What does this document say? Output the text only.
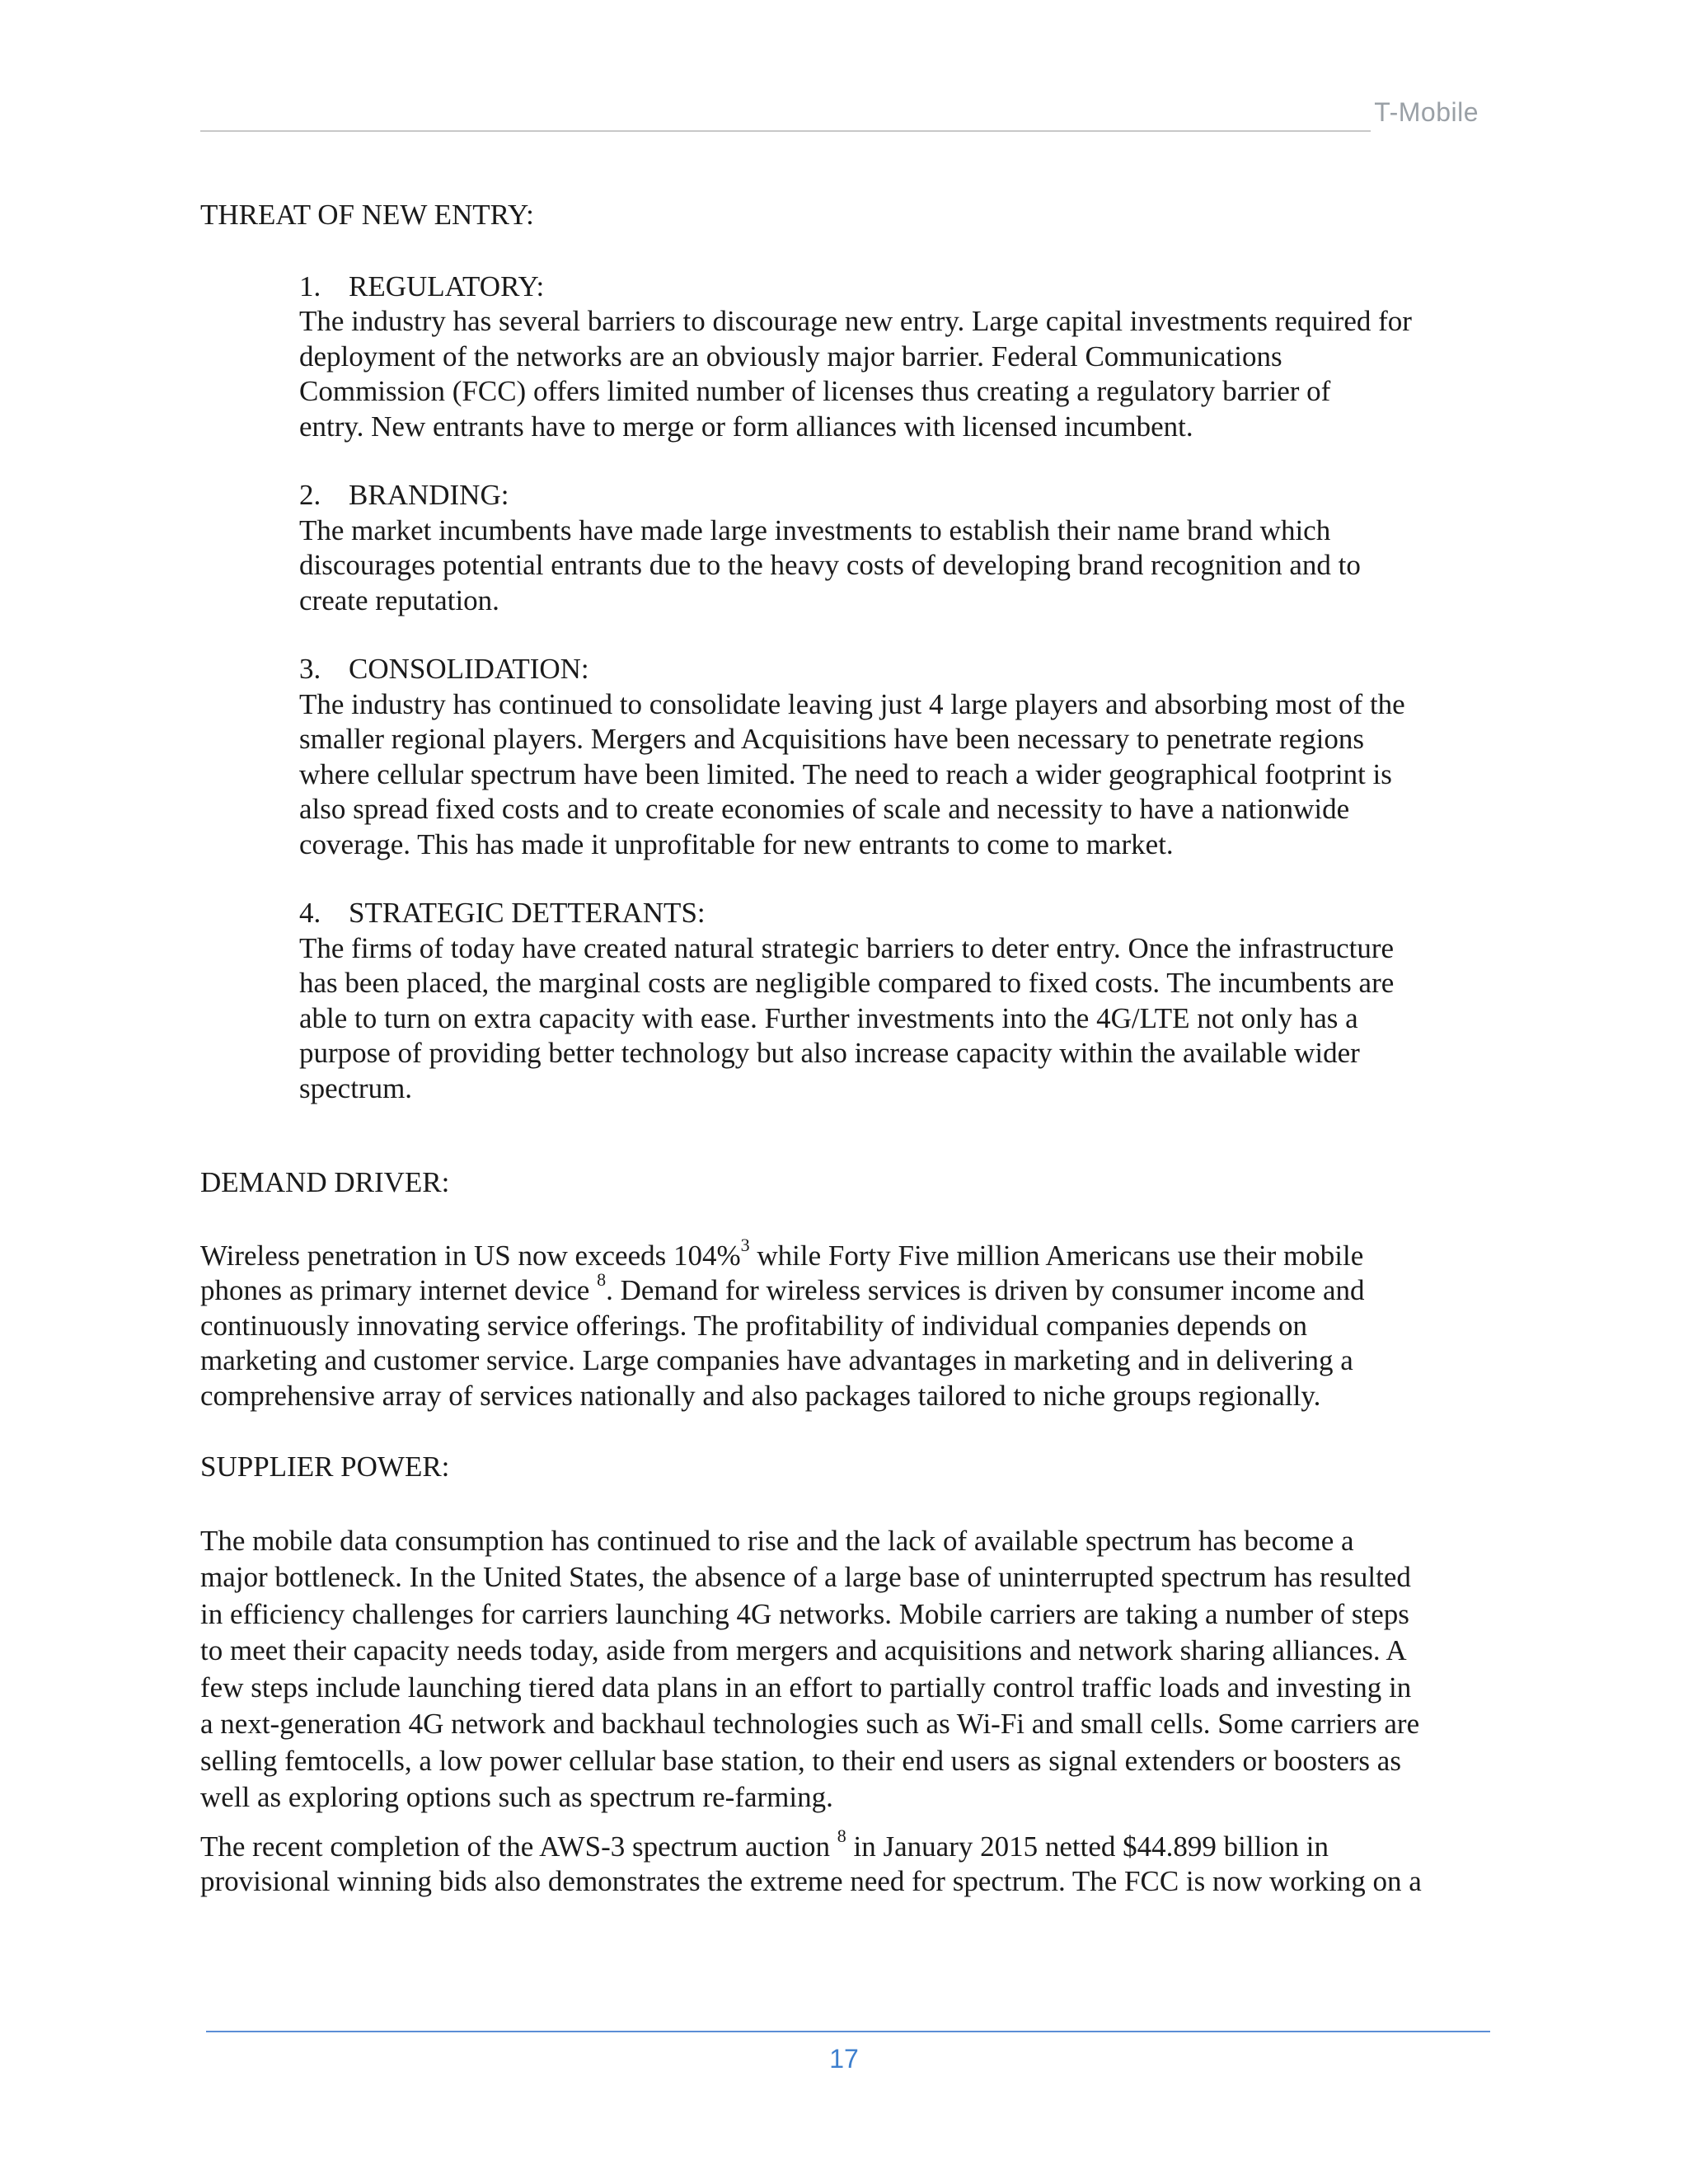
T-Mobile
THREAT OF NEW ENTRY:
1. REGULATORY:
The industry has several barriers to discourage new entry. Large capital investments required for
deployment of the networks are an obviously major barrier. Federal Communications
Commission (FCC) offers limited number of licenses thus creating a regulatory barrier of
entry. New entrants have to merge or form alliances with licensed incumbent.
2. BRANDING:
The market incumbents have made large investments to establish their name brand which
discourages potential entrants due to the heavy costs of developing brand recognition and to
create reputation.
3. CONSOLIDATION:
The industry has continued to consolidate leaving just 4 large players and absorbing most of the
smaller regional players. Mergers and Acquisitions have been necessary to penetrate regions
where cellular spectrum have been limited. The need to reach a wider geographical footprint is
also spread fixed costs and to create economies of scale and necessity to have a nationwide
coverage. This has made it unprofitable for new entrants to come to market.
4. STRATEGIC DETTERANTS:
The firms of today have created natural strategic barriers to deter entry. Once the infrastructure
has been placed, the marginal costs are negligible compared to fixed costs. The incumbents are
able to turn on extra capacity with ease. Further investments into the 4G/LTE not only has a
purpose of providing better technology but also increase capacity within the available wider
spectrum.
DEMAND DRIVER:
Wireless penetration in US now exceeds 104%$^3$ while Forty Five million Americans use their mobile
phones as primary internet device $^8$. Demand for wireless services is driven by consumer income and
continuously innovating service offerings. The profitability of individual companies depends on
marketing and customer service. Large companies have advantages in marketing and in delivering a
comprehensive array of services nationally and also packages tailored to niche groups regionally.
SUPPLIER POWER:
The mobile data consumption has continued to rise and the lack of available spectrum has become a
major bottleneck. In the United States, the absence of a large base of uninterrupted spectrum has resulted
in efficiency challenges for carriers launching 4G networks. Mobile carriers are taking a number of steps
to meet their capacity needs today, aside from mergers and acquisitions and network sharing alliances. A
few steps include launching tiered data plans in an effort to partially control traffic loads and investing in
a next-generation 4G network and backhaul technologies such as Wi-Fi and small cells. Some carriers are
selling femtocells, a low power cellular base station, to their end users as signal extenders or boosters as
well as exploring options such as spectrum re-farming.
The recent completion of the AWS-3 spectrum auction $^8$ in January 2015 netted $44.899 billion in
provisional winning bids also demonstrates the extreme need for spectrum. The FCC is now working on a
17
